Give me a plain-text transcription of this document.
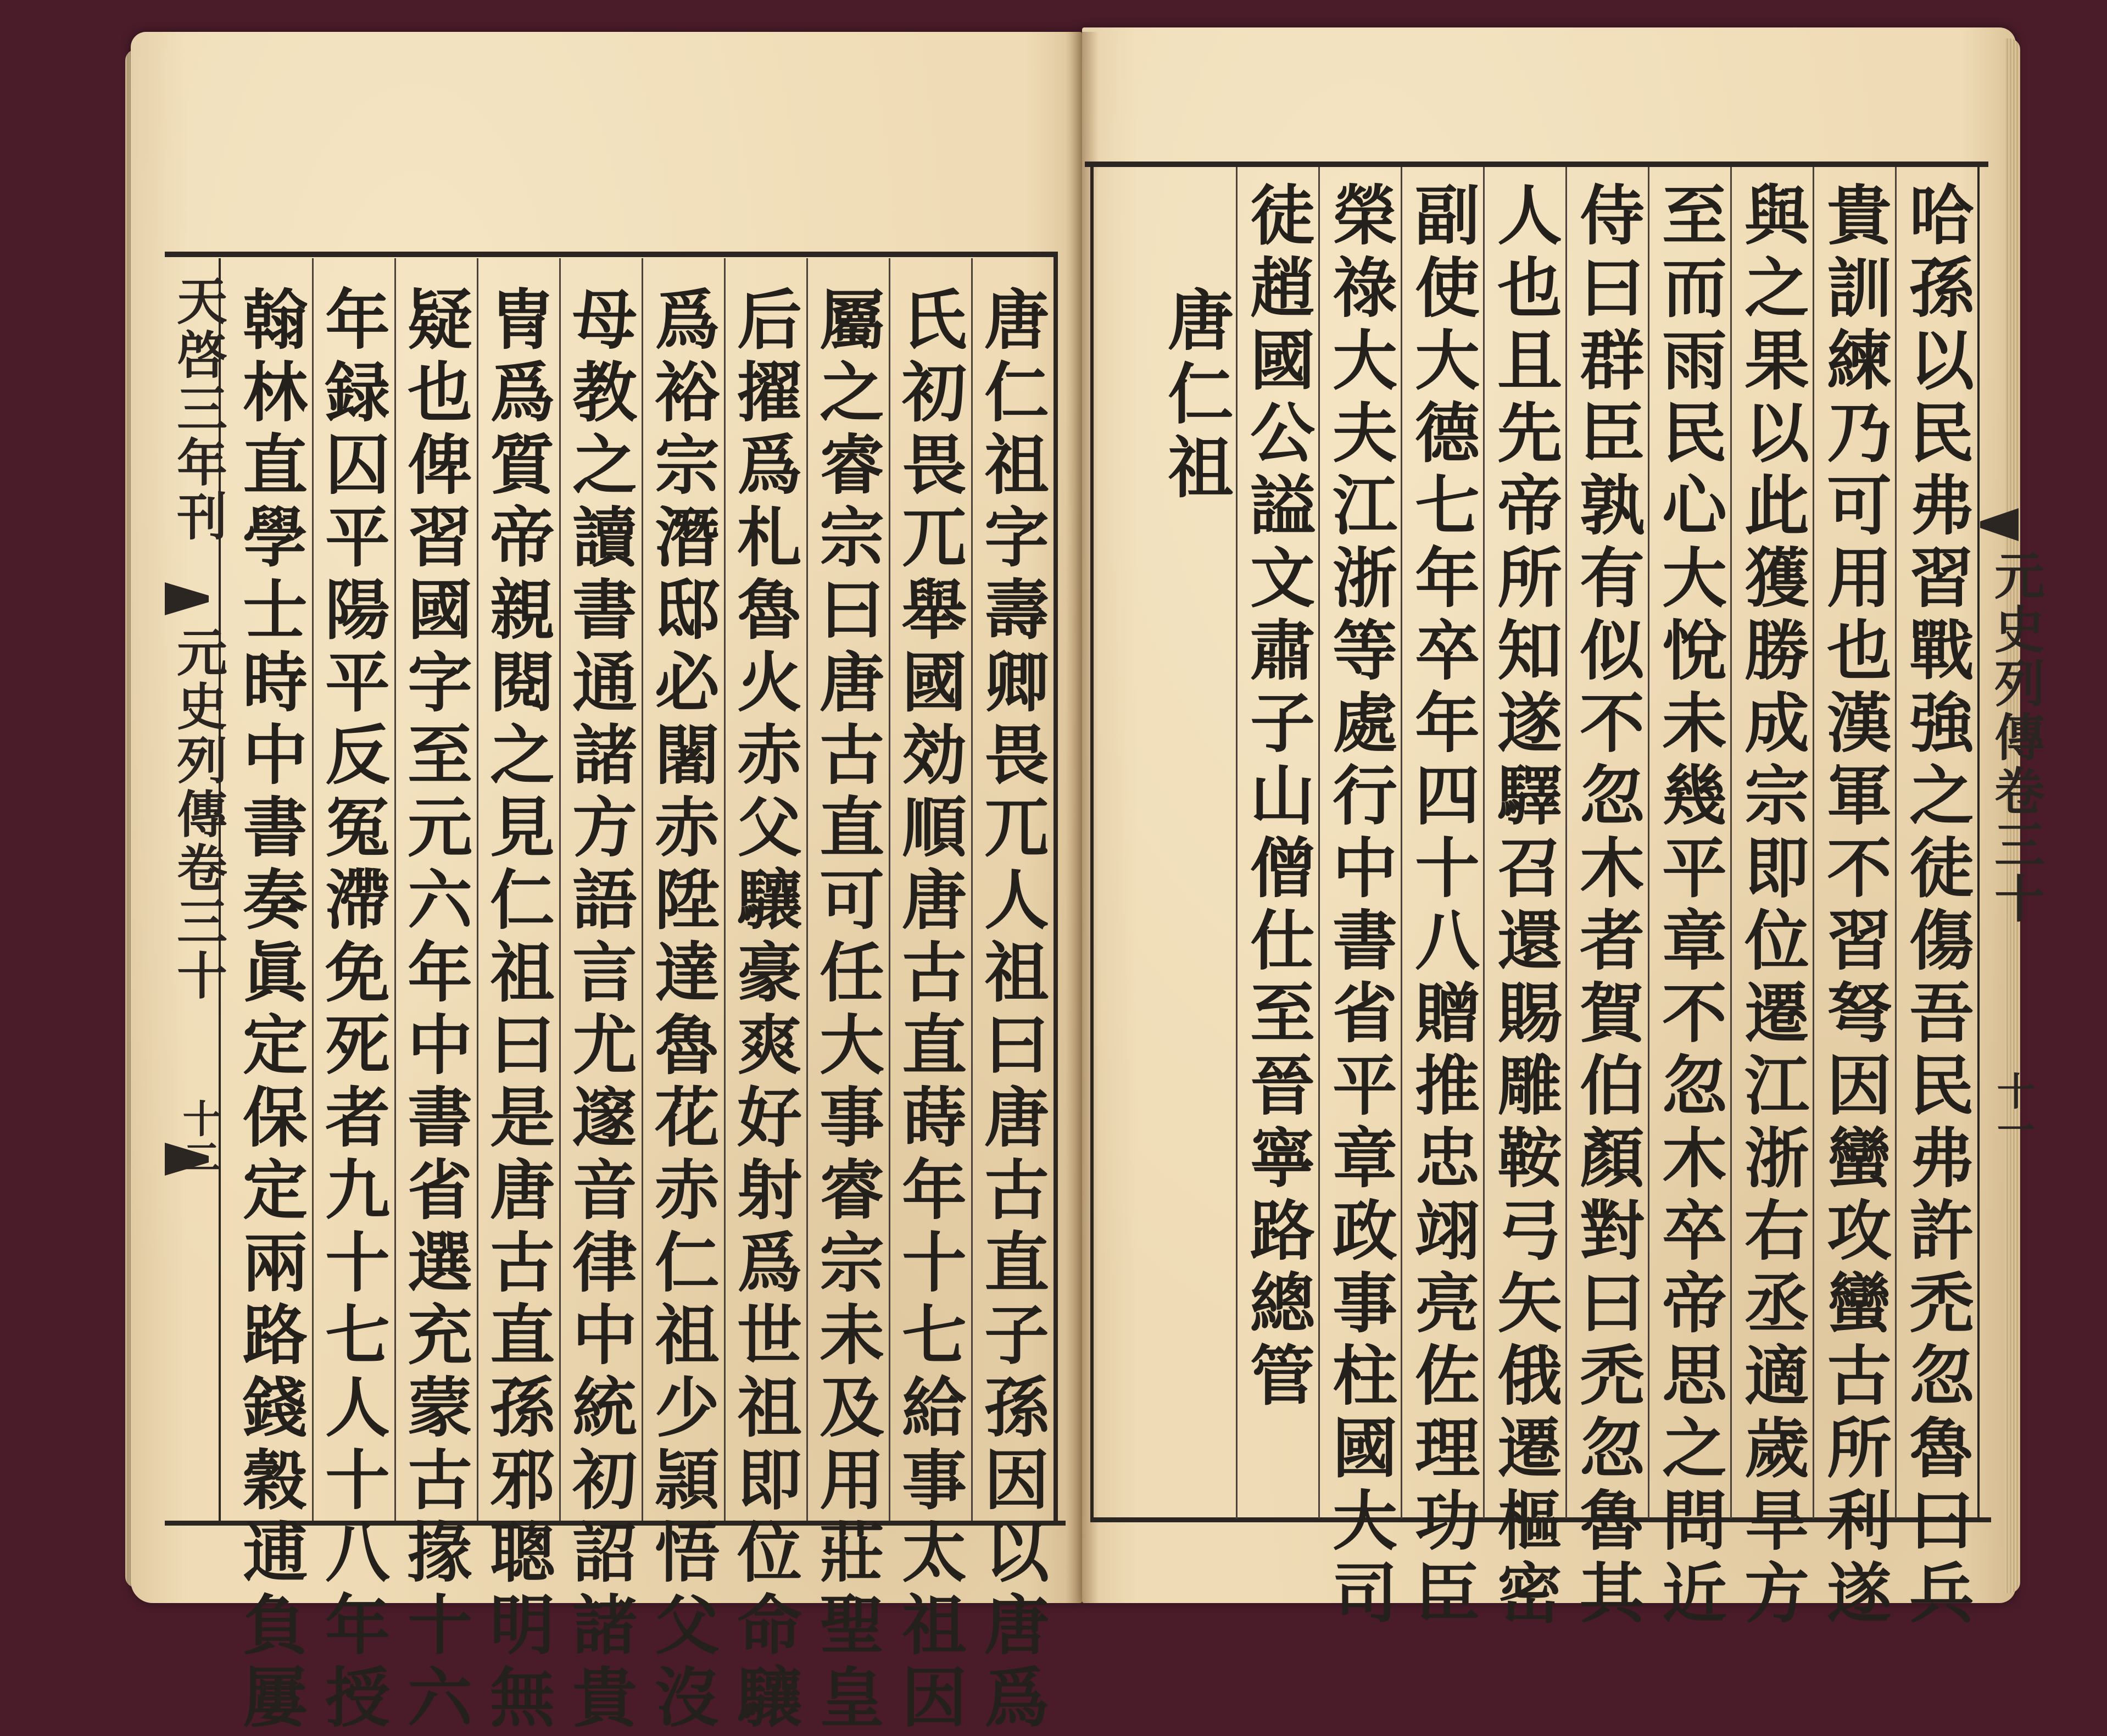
天啓三年刊
元史列傳卷三十
十二	唐仁祖字壽卿畏兀人祖曰唐古直子孫因以唐爲
氏初畏兀舉國効順唐古直蒔年十七給事太祖因
屬之睿宗曰唐古直可任大事睿宗未及用莊聖皇
后擢爲札魯火赤父驤豪爽好射爲世祖即位命驤
爲裕宗潛邸必闍赤陞達魯花赤仁祖少頴悟父沒
母教之讀書通諸方語言尤邃音律中統初詔諸貴
冑爲質帝親閱之見仁祖曰是唐古直孫邪聰明無
疑也俾習國字至元六年中書省選充蒙古掾十六
年録囚平陽平反冤滯免死者九十七人十八年授
翰林直學士時中書奏眞定保定兩路錢穀逋負屢	元史列傳卷三十
十一
哈孫以民弗習戰強之徒傷吾民弗許禿忽魯曰兵
貴訓練乃可用也漢軍不習弩因蠻攻蠻古所利遂
與之果以此獲勝成宗即位遷江浙右丞適歲旱方
至而雨民心大悅未幾平章不忽木卒帝思之問近
侍曰群臣孰有似不忽木者賀伯顏對曰禿忽魯其
人也且先帝所知遂驛召還賜雕鞍弓矢俄遷樞密
副使大德七年卒年四十八贈推忠翊亮佐理功臣
榮祿大夫江浙等處行中書省平章政事柱國大司
徒趙國公謚文肅子山僧仕至晉寧路總管
唐仁祖
